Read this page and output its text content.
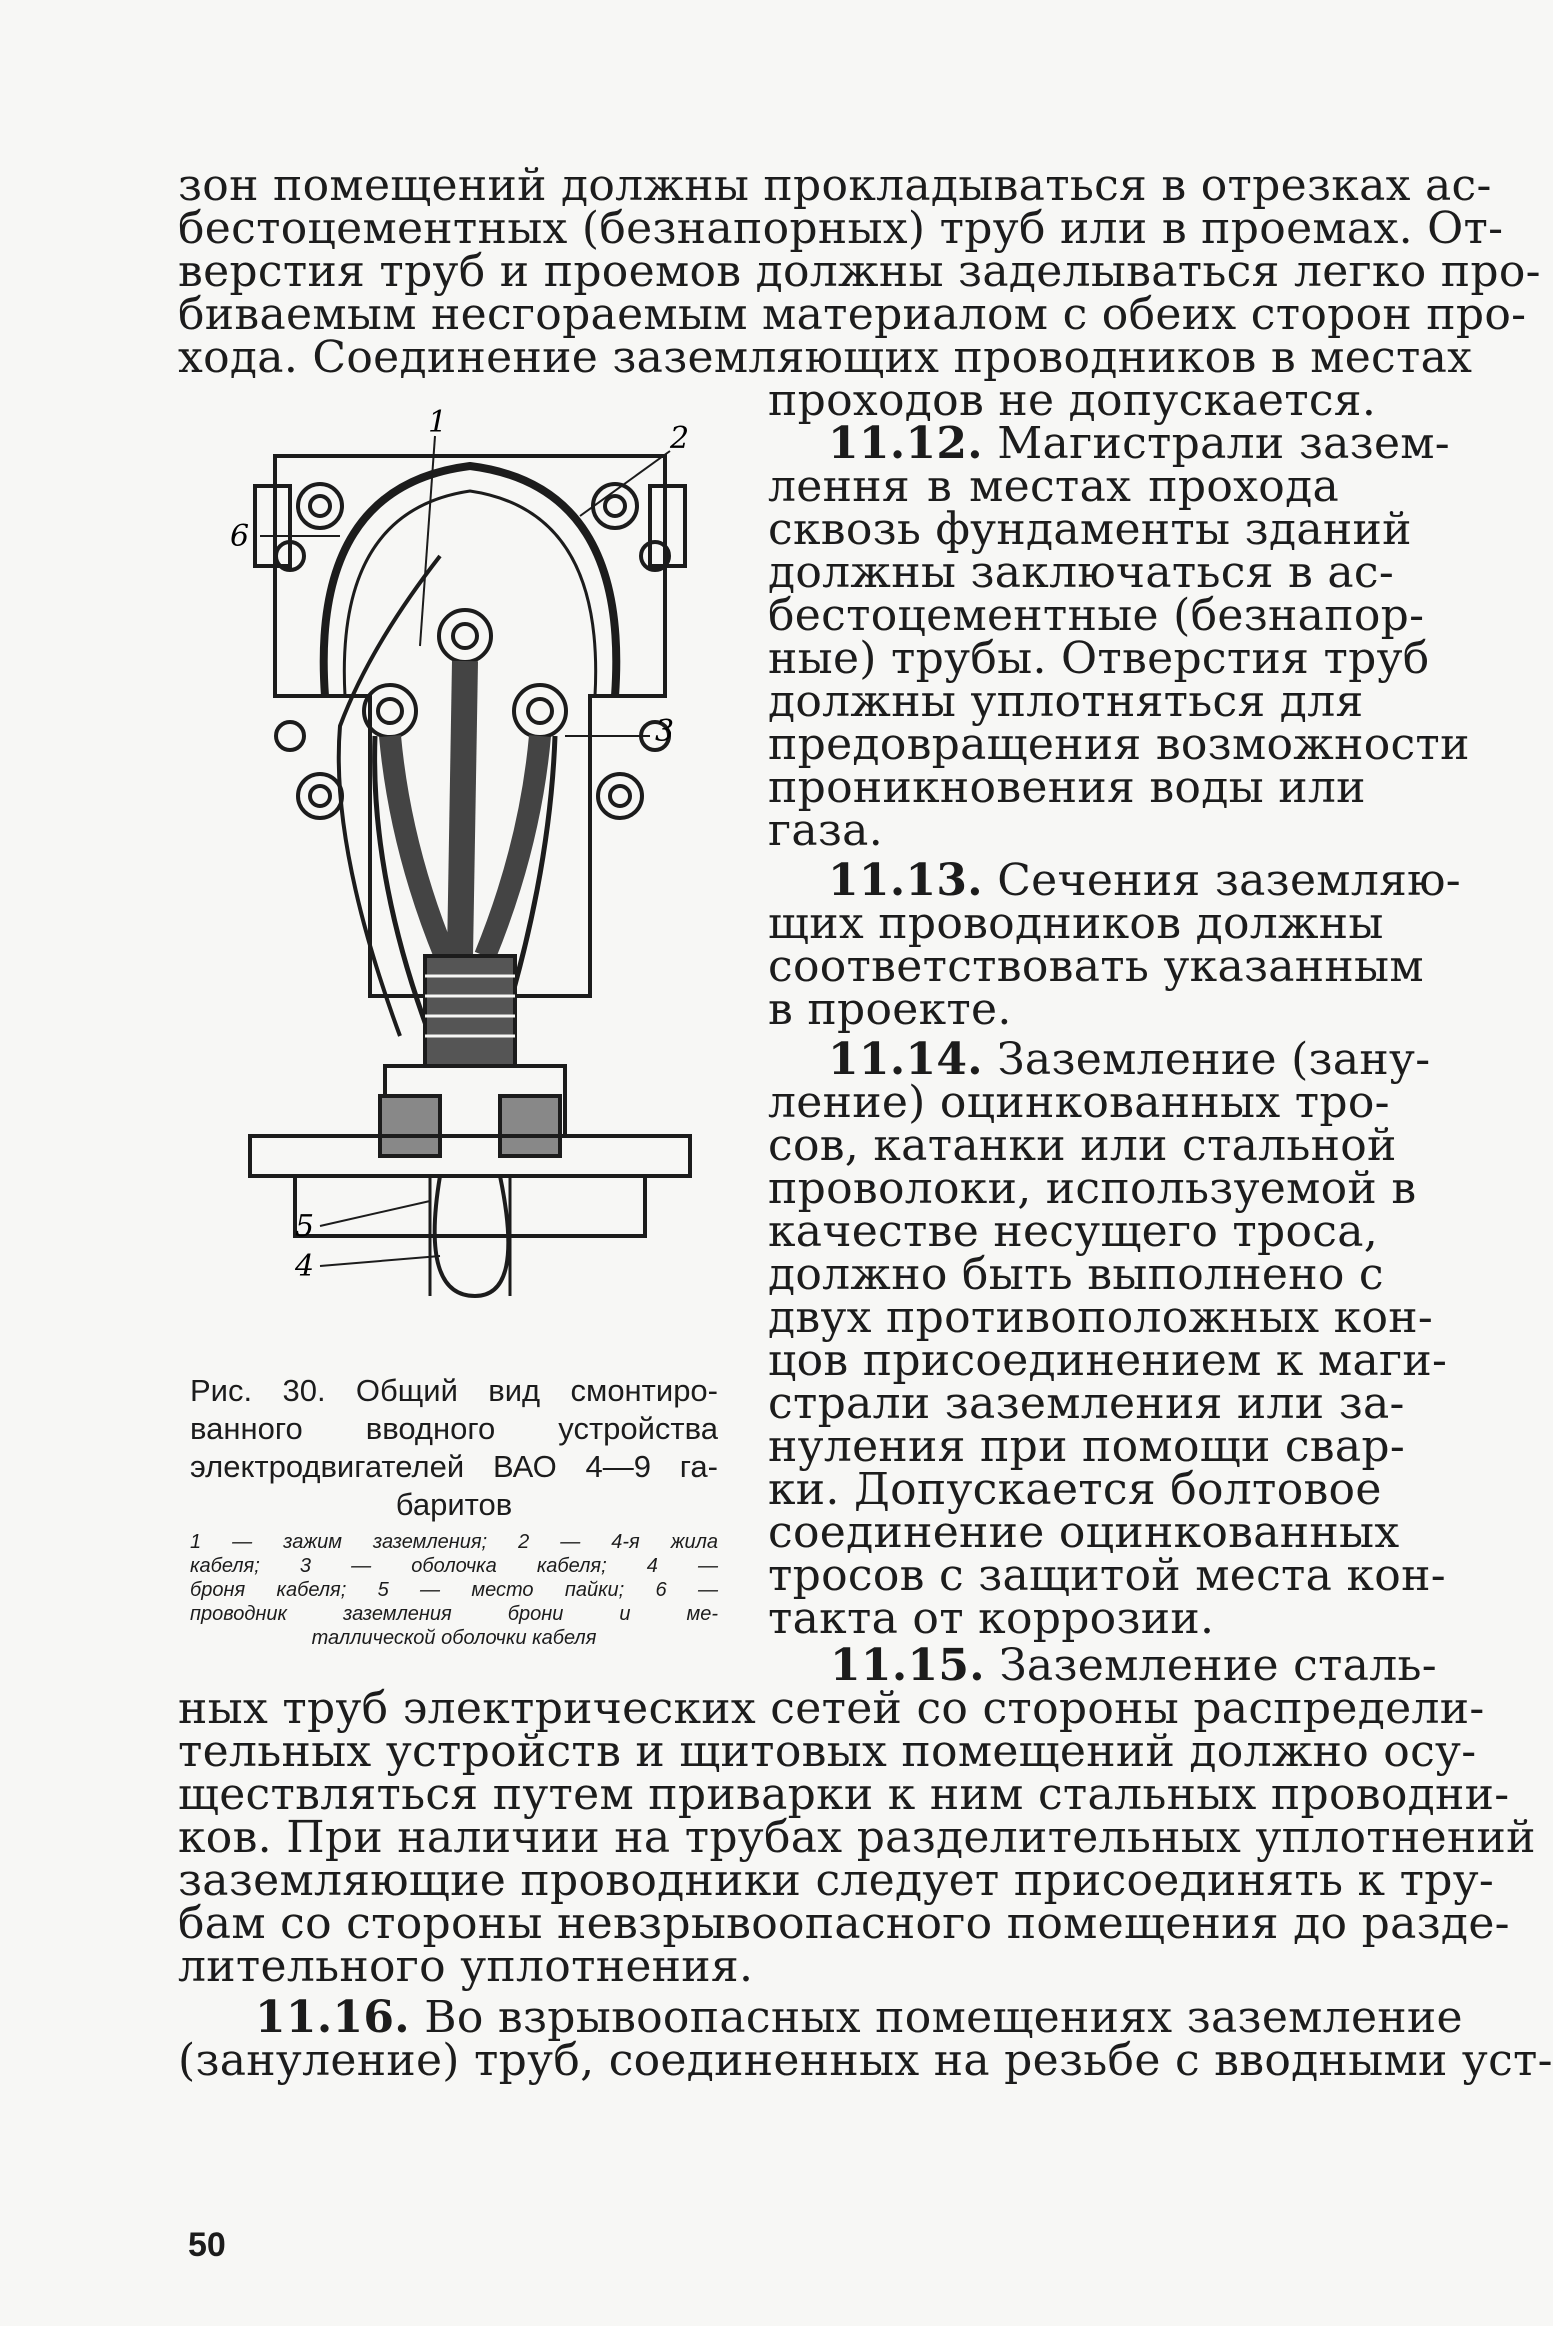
зон помещений должны прокладываться в отрезках ас-
бестоцементных (безнапорных) труб или в проемах. От-
верстия труб и проемов должны заделываться легко про-
биваемым несгораемым материалом с обеих сторон про-
хода. Соединение заземляющих проводников в местах
проходов не допускается.
11.12. Магистрали зазем-
лення в местах прохода
сквозь фундаменты зданий
должны заключаться в ас-
бестоцементные (безнапор-
ные) трубы. Отверстия труб
должны уплотняться для
предовращения возможности
проникновения воды или
газа.
11.13. Сечения заземляю-
щих проводников должны
соответствовать указанным
в проекте.
11.14. Заземление (зану-
ление) оцинкованных тро-
сов, катанки или стальной
проволоки, используемой в
качестве несущего троса,
должно быть выполнено с
двух противоположных кон-
цов присоединением к маги-
страли заземления или за-
нуления при помощи свар-
ки. Допускается болтовое
соединение оцинкованных
тросов с защитой места кон-
такта от коррозии.
1	2
3
4
5
6
Рис. 30. Общий вид смонтиро-
ванного вводного устройства
электродвигателей ВАО 4—9 га-
баритов
1 — зажим заземления; 2 — 4-я жила
кабеля; 3 — оболочка кабеля; 4 —
броня кабеля; 5 — место пайки; 6 —
проводник заземления брони и ме-
таллической оболочки кабеля
11.15. Заземление сталь-
ных труб электрических сетей со стороны распредели-
тельных устройств и щитовых помещений должно осу-
ществляться путем приварки к ним стальных проводни-
ков. При наличии на трубах разделительных уплотнений
заземляющие проводники следует присоединять к тру-
бам со стороны невзрывоопасного помещения до разде-
лительного уплотнения.
11.16. Во взрывоопасных помещениях заземление
(зануление) труб, соединенных на резьбе с вводными уст-
50
